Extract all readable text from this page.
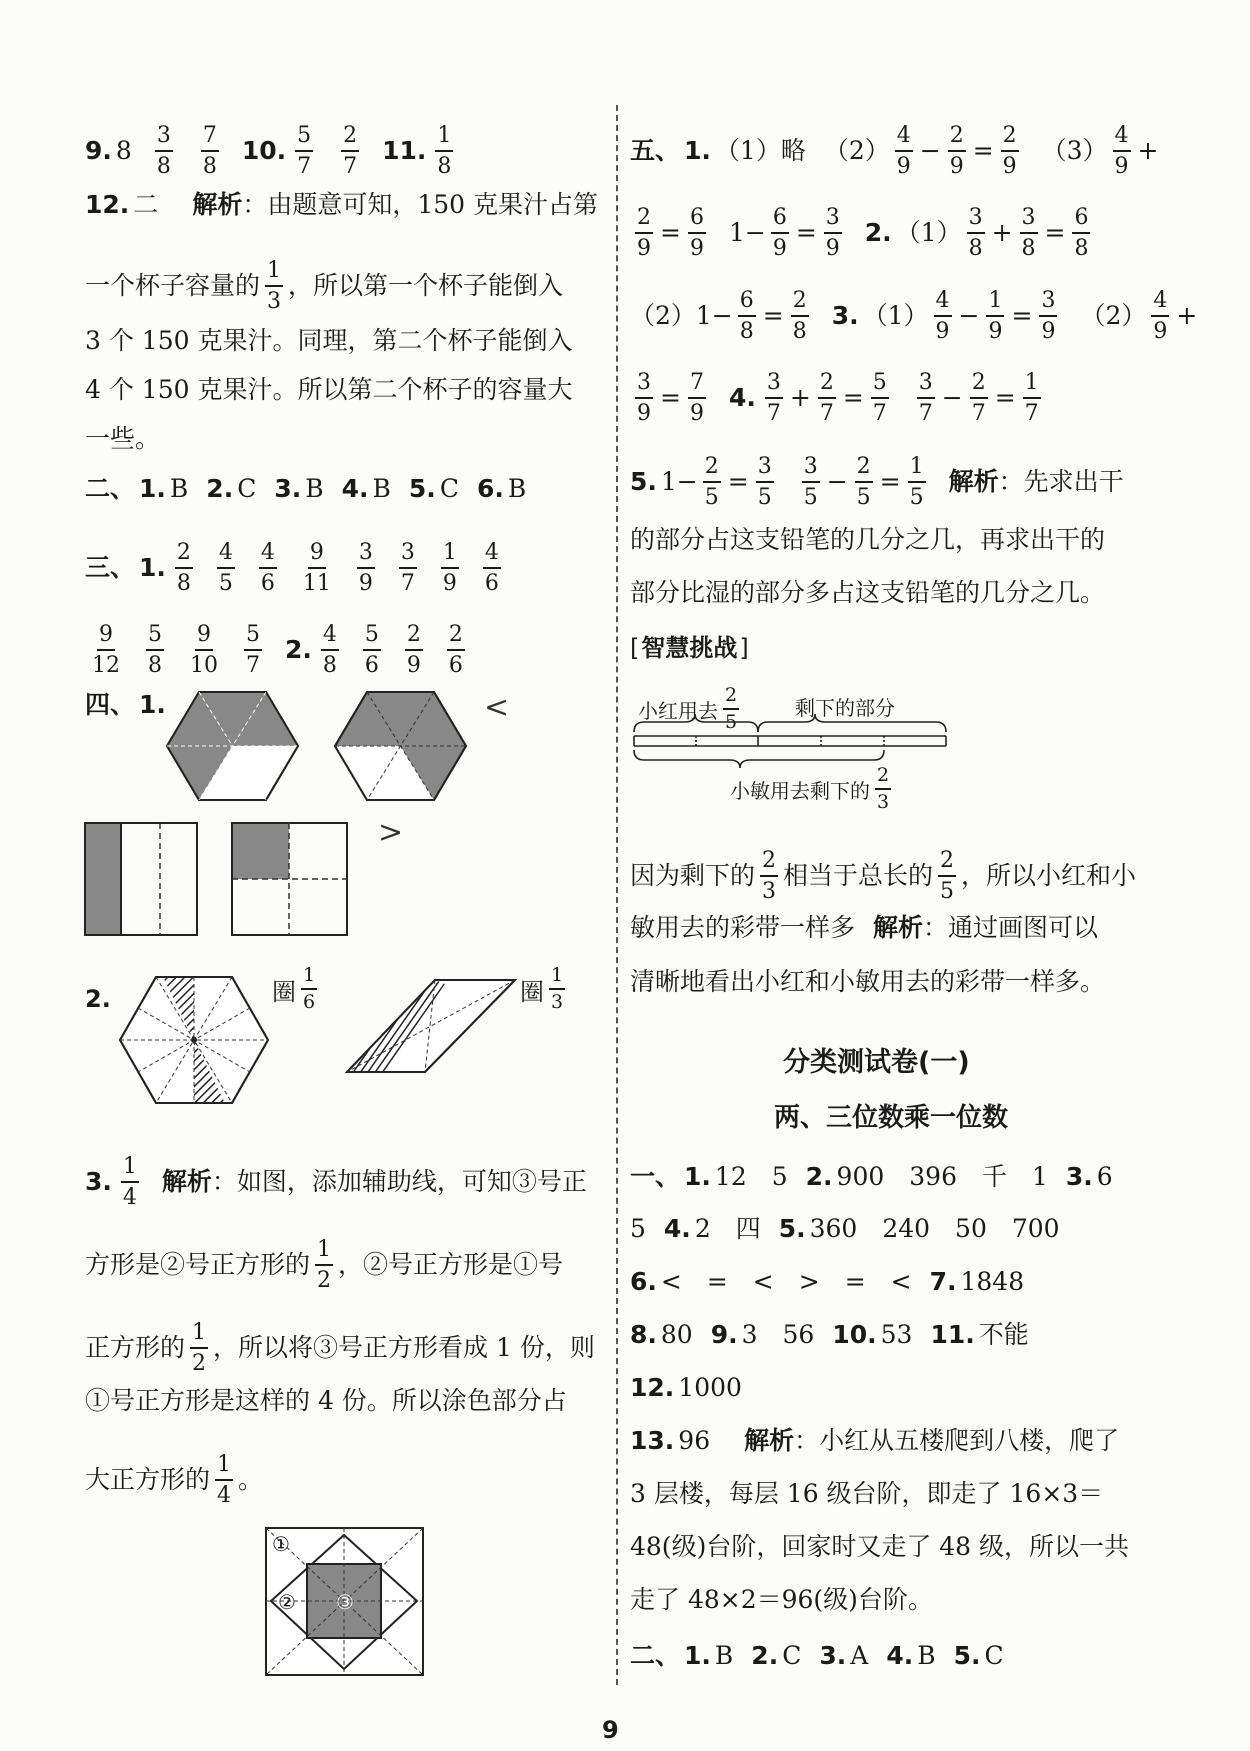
9. $8 \frac{3}{8} \frac{7}{8} 10$. $\frac{5}{7} \frac{2}{7} 11$. $\frac{1}{8}$
12. 二 解析 ：由题意可知，150 克果汁占第
一个杯子容量的 $\frac{1}{3}$ ，所以第一个杯子能倒入
3 个 150 克果汁。同理，第二个杯子能倒入
4 个 150 克果汁。所以第二个杯子的容量大
一些。
二、 1. B 2. C 3. B 4. B 5. C 6. B
三、 1. $\frac{2}{8} \frac{4}{5} \frac{4}{6} \frac{9}{11} \frac{3}{9} \frac{3}{7} \frac{1}{9} \frac{4}{6}$
$\frac{9}{12} \frac{5}{8} \frac{9}{10} \frac{5}{7} 2$. $\frac{4}{8} \frac{5}{6} \frac{2}{9} \frac{2}{6}$
四、 1.	<
>
2.	圈 $\frac{1}{6}$	圈 $\frac{1}{3}$
3. $\frac{1}{4}$ 解析 ：如图，添加辅助线，可知③号正
方形是②号正方形的 $\frac{1}{2}$ ，②号正方形是①号
正方形的 $\frac{1}{2}$ ，所以将③号正方形看成 1 份，则
①号正方形是这样的 4 份。所以涂色部分占
大正方形的 $\frac{1}{4}$ 。
①
② ③
五、 1. （1）略 $(2) \frac{4}{9} - \frac{2}{9} = \frac{2}{9} (3) \frac{4}{9}$ +
$\frac{2}{9} = \frac{6}{9} 1- \frac{6}{9} = \frac{3}{9} 2$. $(1) \frac{3}{8} + \frac{3}{8} = \frac{6}{8}$
$(2)1- \frac{6}{8} = \frac{2}{8} 3$. $(1) \frac{4}{9} - \frac{1}{9} = \frac{3}{9} (2) \frac{4}{9}$ +
$\frac{3}{9} = \frac{7}{9} 4$. $\frac{3}{7} + \frac{2}{7} = \frac{5}{7} \frac{3}{7} - \frac{2}{7} = \frac{1}{7}$
5. $1- \frac{2}{5} = \frac{3}{5} \frac{3}{5} - \frac{2}{5} = \frac{1}{5}$ 解析 ：先求出干
的部分占这支铅笔的几分之几，再求出干的
部分比湿的部分多占这支铅笔的几分之几。
[ 智慧挑战 ]
小红用去 $\frac{2}{5}$	剩下的部分
小敏用去剩下的 $\frac{2}{3}$
因为剩下的 $\frac{2}{3}$ 相当于总长的 $\frac{2}{5}$ ，所以小红和小
敏用去的彩带一样多 解析 ：通过画图可以
清晰地看出小红和小敏用去的彩带一样多。
分类测试卷(一)
两、三位数乘一位数
一、 1. 12　5 2. 900　396　千　1 3. 6
5 4. 2　四 5. 360　240　50　700
6. <　=　<　>　=　< 7. 1848
8. 80 9. 3　56 10. 53 11. 不能
12. 1000
13. 96 解析 ：小红从五楼爬到八楼，爬了
3 层楼，每层 16 级台阶，即走了 16×3＝
48(级)台阶，回家时又走了 48 级，所以一共
走了 48×2＝96(级)台阶。
二、 1. B 2. C 3. A 4. B 5. C
9
